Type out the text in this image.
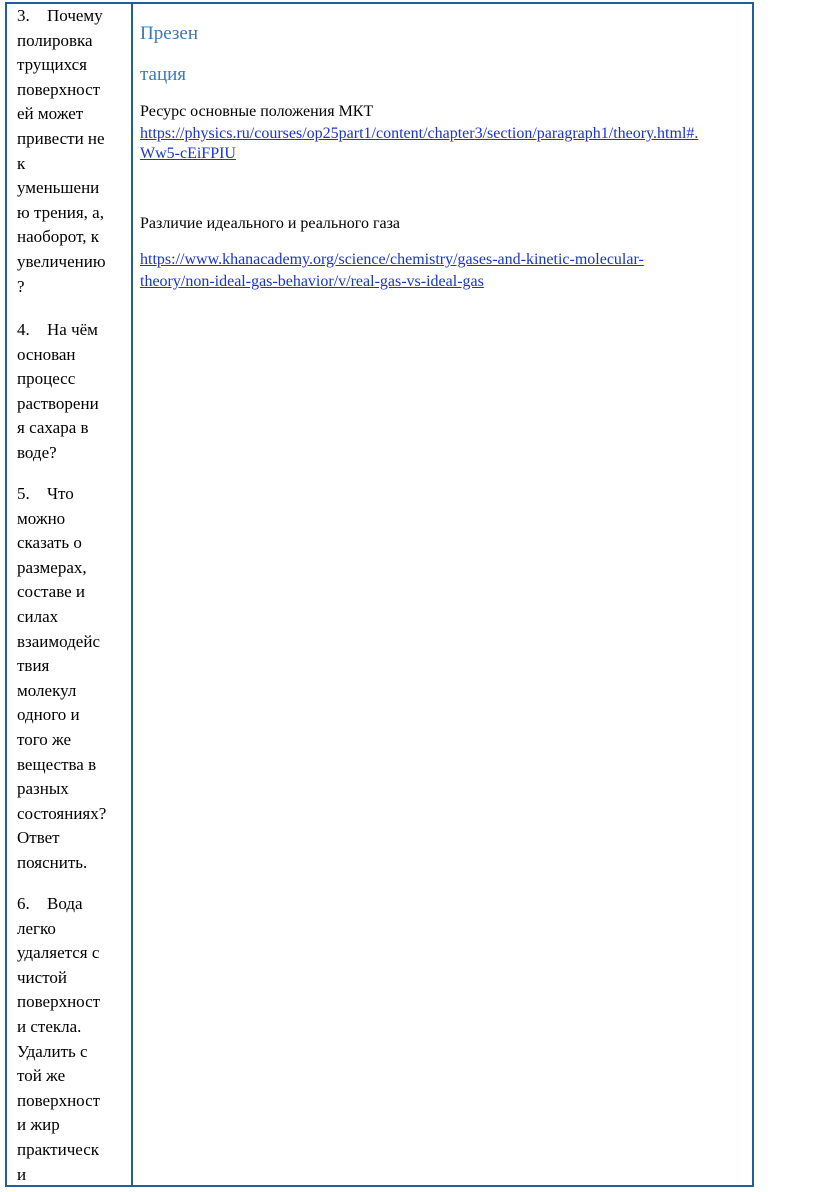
3. Почему
полировка
трущихся
поверхност
ей может
привести не
к
уменьшени
ю трения, а,
наоборот, к
увеличению
?
4. На чём
основан
процесс
растворени
я сахара в
воде?
5. Что
можно
сказать о
размерах,
составе и
силах
взаимодейс
твия
молекул
одного и
того же
вещества в
разных
состояниях?
Ответ
пояснить.
6. Вода
легко
удаляется с
чистой
поверхност
и стекла.
Удалить с
той же
поверхност
и жир
практическ
и
Презен
тация
Ресурс основные положения МКТ
https://physics.ru/courses/op25part1/content/chapter3/section/paragraph1/theory.html#.
Ww5-cEiFPIU
Различие идеального и реального газа
https://www.khanacademy.org/science/chemistry/gases-and-kinetic-molecular-
theory/non-ideal-gas-behavior/v/real-gas-vs-ideal-gas
